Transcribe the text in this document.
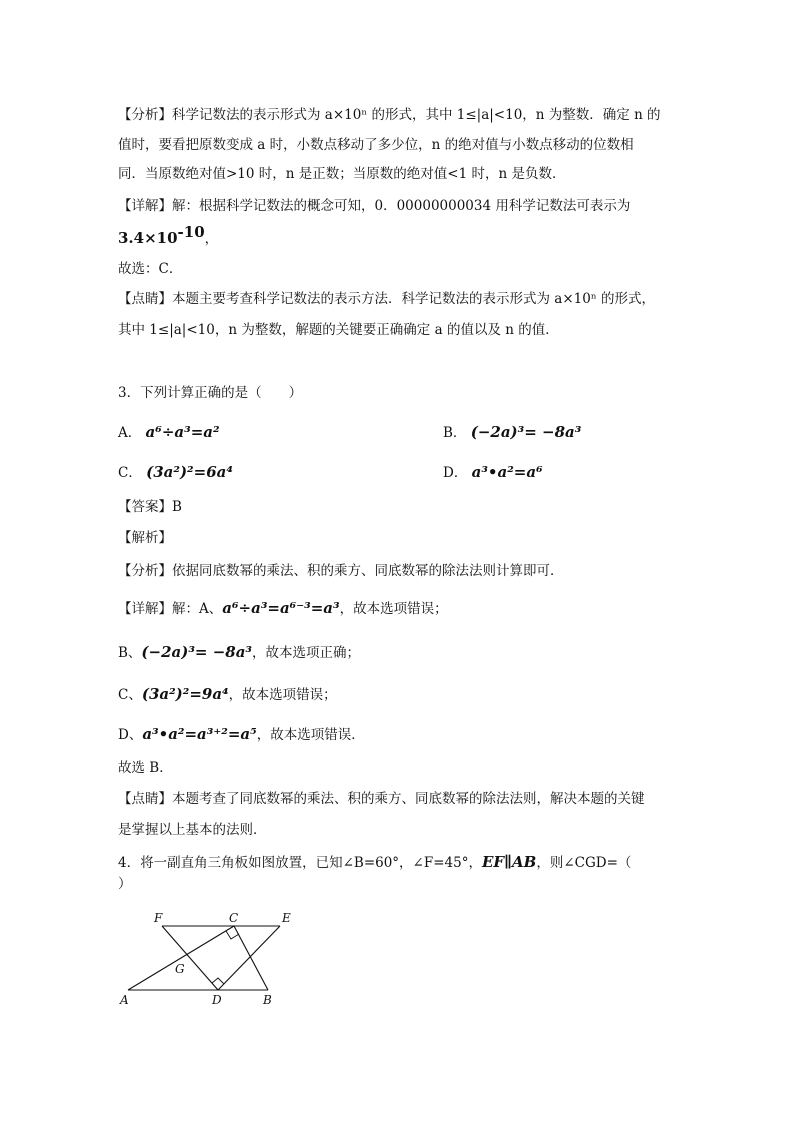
【分析】科学记数法的表示形式为 a×10ⁿ 的形式，其中 1≤|a|<10，n 为整数．确定 n 的
值时，要看把原数变成 a 时，小数点移动了多少位，n 的绝对值与小数点移动的位数相
同．当原数绝对值>10 时，n 是正数；当原数的绝对值<1 时，n 是负数．
【详解】解：根据科学记数法的概念可知，0．00000000034 用科学记数法可表示为
$3.4\times 10^{-10}$，
故选：C．
【点睛】本题主要考查科学记数法的表示方法．科学记数法的表示形式为 a×10ⁿ 的形式，
其中 1≤|a|<10，n 为整数，解题的关键要正确确定 a 的值以及 n 的值．
3．下列计算正确的是（　　）
A． a⁶÷a³=a²	B． (−2a)³= −8a³
C． (3a²)²=6a⁴	D． a³•a²=a⁶
【答案】B
【解析】
【分析】依据同底数幂的乘法、积的乘方、同底数幂的除法法则计算即可．
【详解】解：A、a⁶÷a³=a⁶⁻³=a³，故本选项错误；
B、(−2a)³= −8a³，故本选项正确；
C、(3a²)²=9a⁴，故本选项错误；
D、a³•a²=a³⁺²=a⁵，故本选项错误．
故选 B．
【点睛】本题考查了同底数幂的乘法、积的乘方、同底数幂的除法法则，解决本题的关键
是掌握以上基本的法则．
4．将一副直角三角板如图放置，已知∠B=60°，∠F=45°，EF∥AB，则∠CGD=（
）
F	C	E
G
A	D	B
